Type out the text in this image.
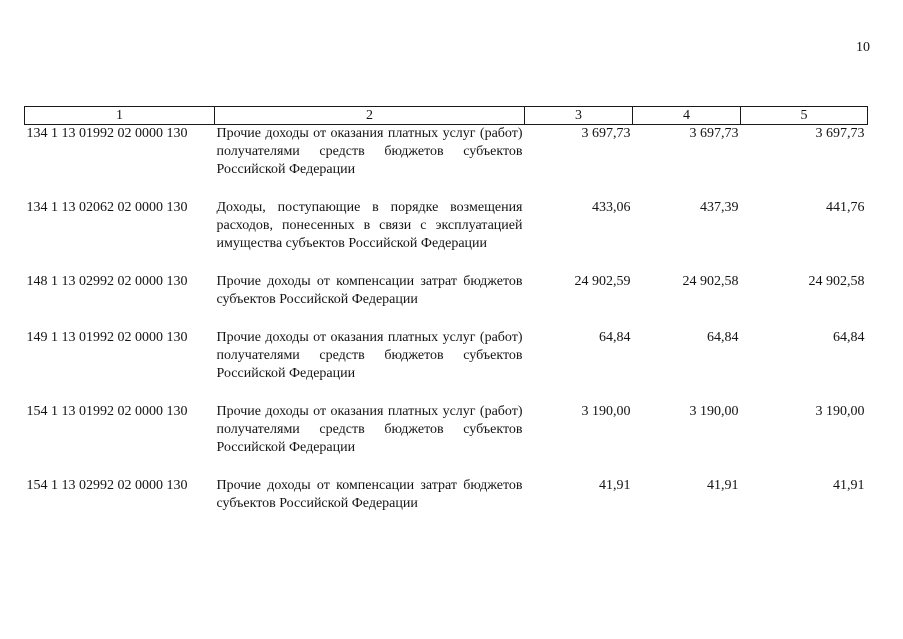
10
1	2	3	4	5
134 1 13 01992 02 0000 130	Прочие доходы от оказания платных услуг (работ) получателями средств бюджетов субъектов Российской Федерации	3 697,73	3 697,73	3 697,73
134 1 13 02062 02 0000 130	Доходы, поступающие в порядке возмещения расходов, понесенных в связи с эксплуатацией имущества субъектов Российской Федерации	433,06	437,39	441,76
148 1 13 02992 02 0000 130	Прочие доходы от компенсации затрат бюджетов субъектов Российской Федерации	24 902,59	24 902,58	24 902,58
149 1 13 01992 02 0000 130	Прочие доходы от оказания платных услуг (работ) получателями средств бюджетов субъектов Российской Федерации	64,84	64,84	64,84
154 1 13 01992 02 0000 130	Прочие доходы от оказания платных услуг (работ) получателями средств бюджетов субъектов Российской Федерации	3 190,00	3 190,00	3 190,00
154 1 13 02992 02 0000 130	Прочие доходы от компенсации затрат бюджетов субъектов Российской Федерации	41,91	41,91	41,91
